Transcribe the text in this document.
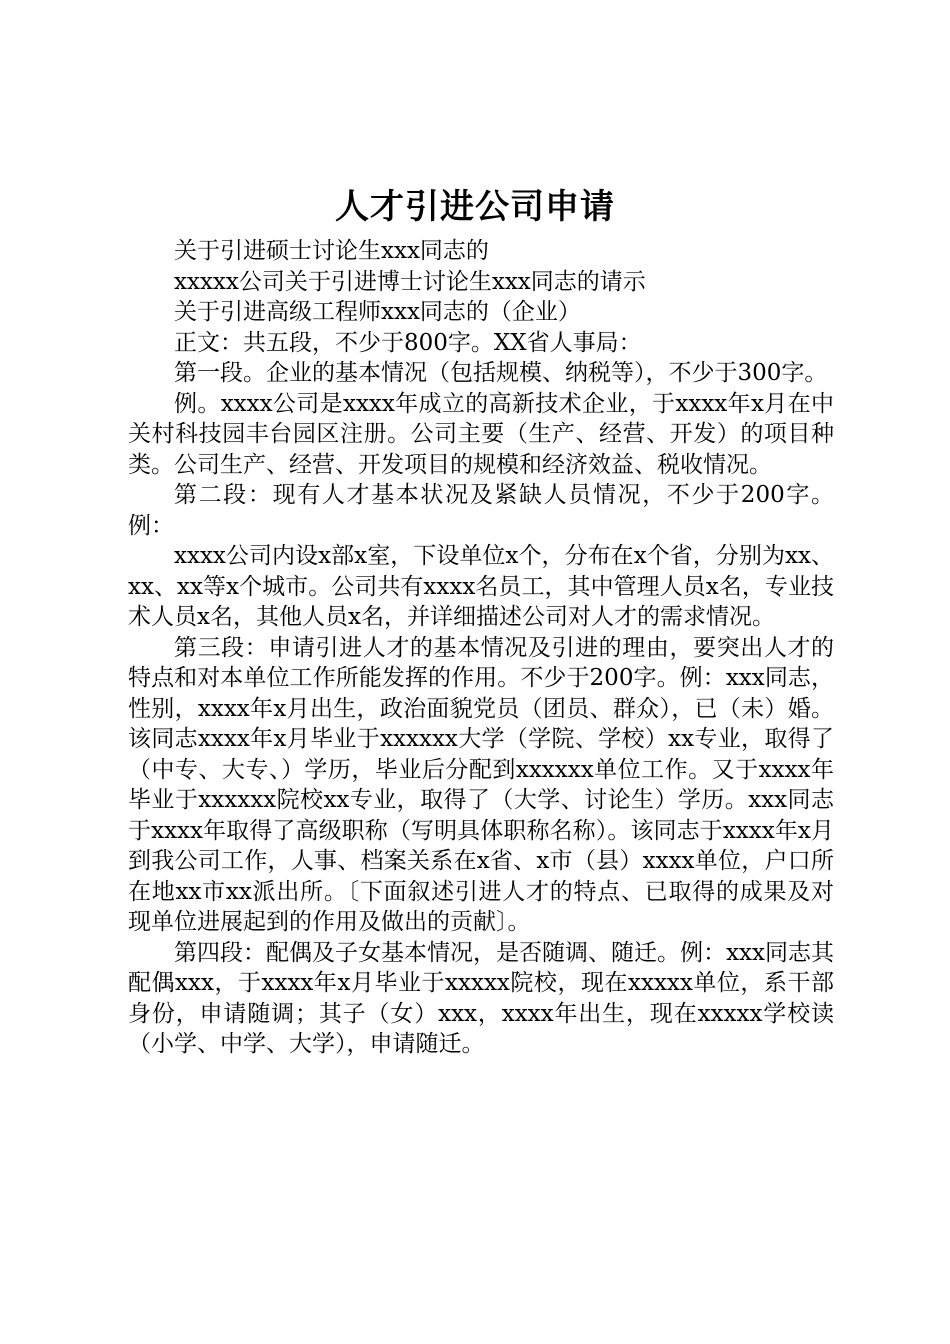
人才引进公司申请

关于引进硕士讨论生xxx同志的

xxxxx公司关于引进博士讨论生xxx同志的请示

关于引进高级工程师xxx同志的（企业）

正文：共五段，不少于800字。XX省人事局：

第一段。企业的基本情况（包括规模、纳税等），不少于300字。

例。xxxx公司是xxxx年成立的高新技术企业，于xxxx年x月在中关村科技园丰台园区注册。公司主要（生产、经营、开发）的项目种类。公司生产、经营、开发项目的规模和经济效益、税收情况。

第二段：现有人才基本状况及紧缺人员情况，不少于200字。例：

xxxx公司内设x部x室，下设单位x个，分布在x个省，分别为xx、xx、xx等x个城市。公司共有xxxx名员工，其中管理人员x名，专业技术人员x名，其他人员x名，并详细描述公司对人才的需求情况。

第三段：申请引进人才的基本情况及引进的理由，要突出人才的特点和对本单位工作所能发挥的作用。不少于200字。例：xxx同志，性别，xxxx年x月出生，政治面貌党员（团员、群众），已（未）婚。该同志xxxx年x月毕业于xxxxxx大学（学院、学校）xx专业，取得了（中专、大专、）学历，毕业后分配到xxxxxx单位工作。又于xxxx年毕业于xxxxxx院校xx专业，取得了（大学、讨论生）学历。xxx同志于xxxx年取得了高级职称（写明具体职称名称）。该同志于xxxx年x月到我公司工作，人事、档案关系在x省、x市（县）xxxx单位，户口所在地xx市xx派出所。〔下面叙述引进人才的特点、已取得的成果及对现单位进展起到的作用及做出的贡献〕。

第四段：配偶及子女基本情况，是否随调、随迁。例：xxx同志其配偶xxx，于xxxx年x月毕业于xxxxx院校，现在xxxxx单位，系干部身份，申请随调；其子（女）xxx，xxxx年出生，现在xxxxx学校读（小学、中学、大学），申请随迁。
